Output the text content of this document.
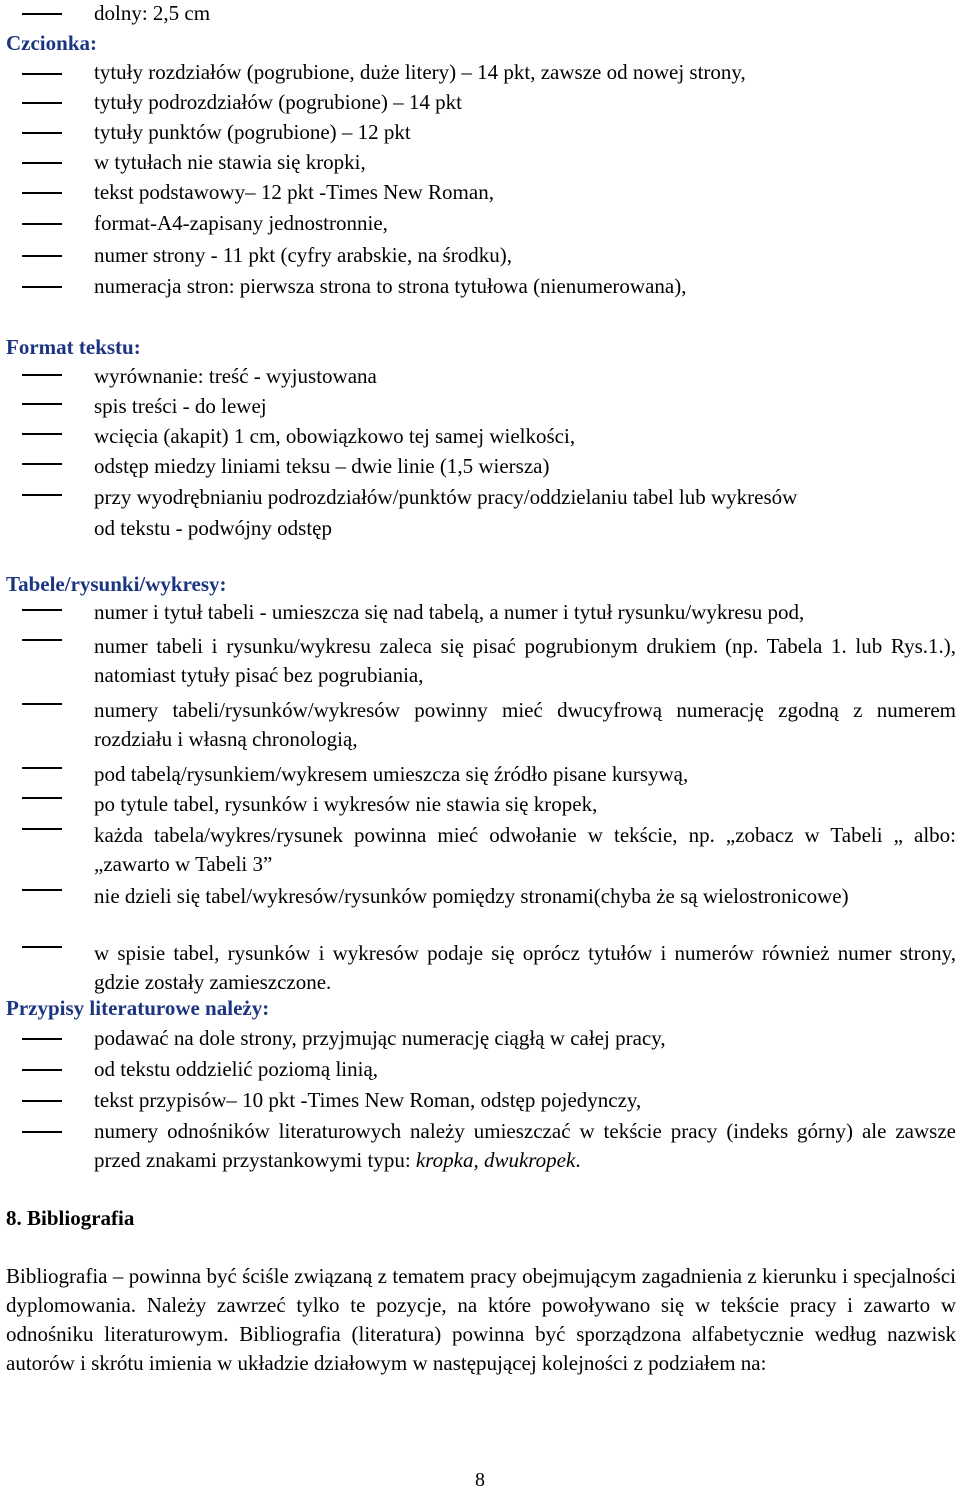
dolny: 2,5 cm
Czcionka:
tytuły rozdziałów (pogrubione, duże litery) – 14 pkt, zawsze od nowej strony,
tytuły podrozdziałów (pogrubione) – 14 pkt
tytuły punktów (pogrubione) – 12 pkt
w tytułach nie stawia się kropki,
tekst podstawowy– 12 pkt -Times New Roman,
format-A4-zapisany jednostronnie,
numer strony - 11 pkt (cyfry arabskie, na środku),
numeracja stron: pierwsza strona to strona tytułowa (nienumerowana),
Format tekstu:
wyrównanie: treść - wyjustowana
spis treści - do lewej
wcięcia (akapit) 1 cm, obowiązkowo tej samej wielkości,
odstęp miedzy liniami teksu – dwie linie (1,5 wiersza)
przy wyodrębnianiu podrozdziałów/punktów pracy/oddzielaniu tabel lub wykresów
od tekstu - podwójny odstęp
Tabele/rysunki/wykresy:
numer i tytuł tabeli - umieszcza się nad tabelą, a numer i tytuł rysunku/wykresu pod,
numer tabeli i rysunku/wykresu zaleca się pisać pogrubionym drukiem (np. Tabela 1. lub Rys.1.), natomiast tytuły pisać bez pogrubiania,
numery tabeli/rysunków/wykresów powinny mieć dwucyfrową numerację zgodną z numerem rozdziału i własną chronologią,
pod tabelą/rysunkiem/wykresem umieszcza się źródło pisane kursywą,
po tytule tabel, rysunków i wykresów nie stawia się kropek,
każda tabela/wykres/rysunek powinna mieć odwołanie w tekście, np. „zobacz w Tabeli „ albo: „zawarto w Tabeli 3”
nie dzieli się tabel/wykresów/rysunków pomiędzy stronami(chyba że są wielostronicowe)
w spisie tabel, rysunków i wykresów podaje się oprócz tytułów i numerów również numer strony, gdzie zostały zamieszczone.
Przypisy literaturowe należy:
podawać na dole strony, przyjmując numerację ciągłą w całej pracy,
od tekstu oddzielić poziomą linią,
tekst przypisów– 10 pkt -Times New Roman, odstęp pojedynczy,
numery odnośników literaturowych należy umieszczać w tekście pracy (indeks górny) ale zawsze przed znakami przystankowymi typu: kropka, dwukropek.
8. Bibliografia
Bibliografia – powinna być ściśle związaną z tematem pracy obejmującym zagadnienia z kierunku i specjalności dyplomowania. Należy zawrzeć tylko te pozycje, na które powoływano się w tekście pracy i zawarto w odnośniku literaturowym. Bibliografia (literatura) powinna być sporządzona alfabetycznie według nazwisk autorów i skrótu imienia w układzie działowym w następującej kolejności z podziałem na:
8
